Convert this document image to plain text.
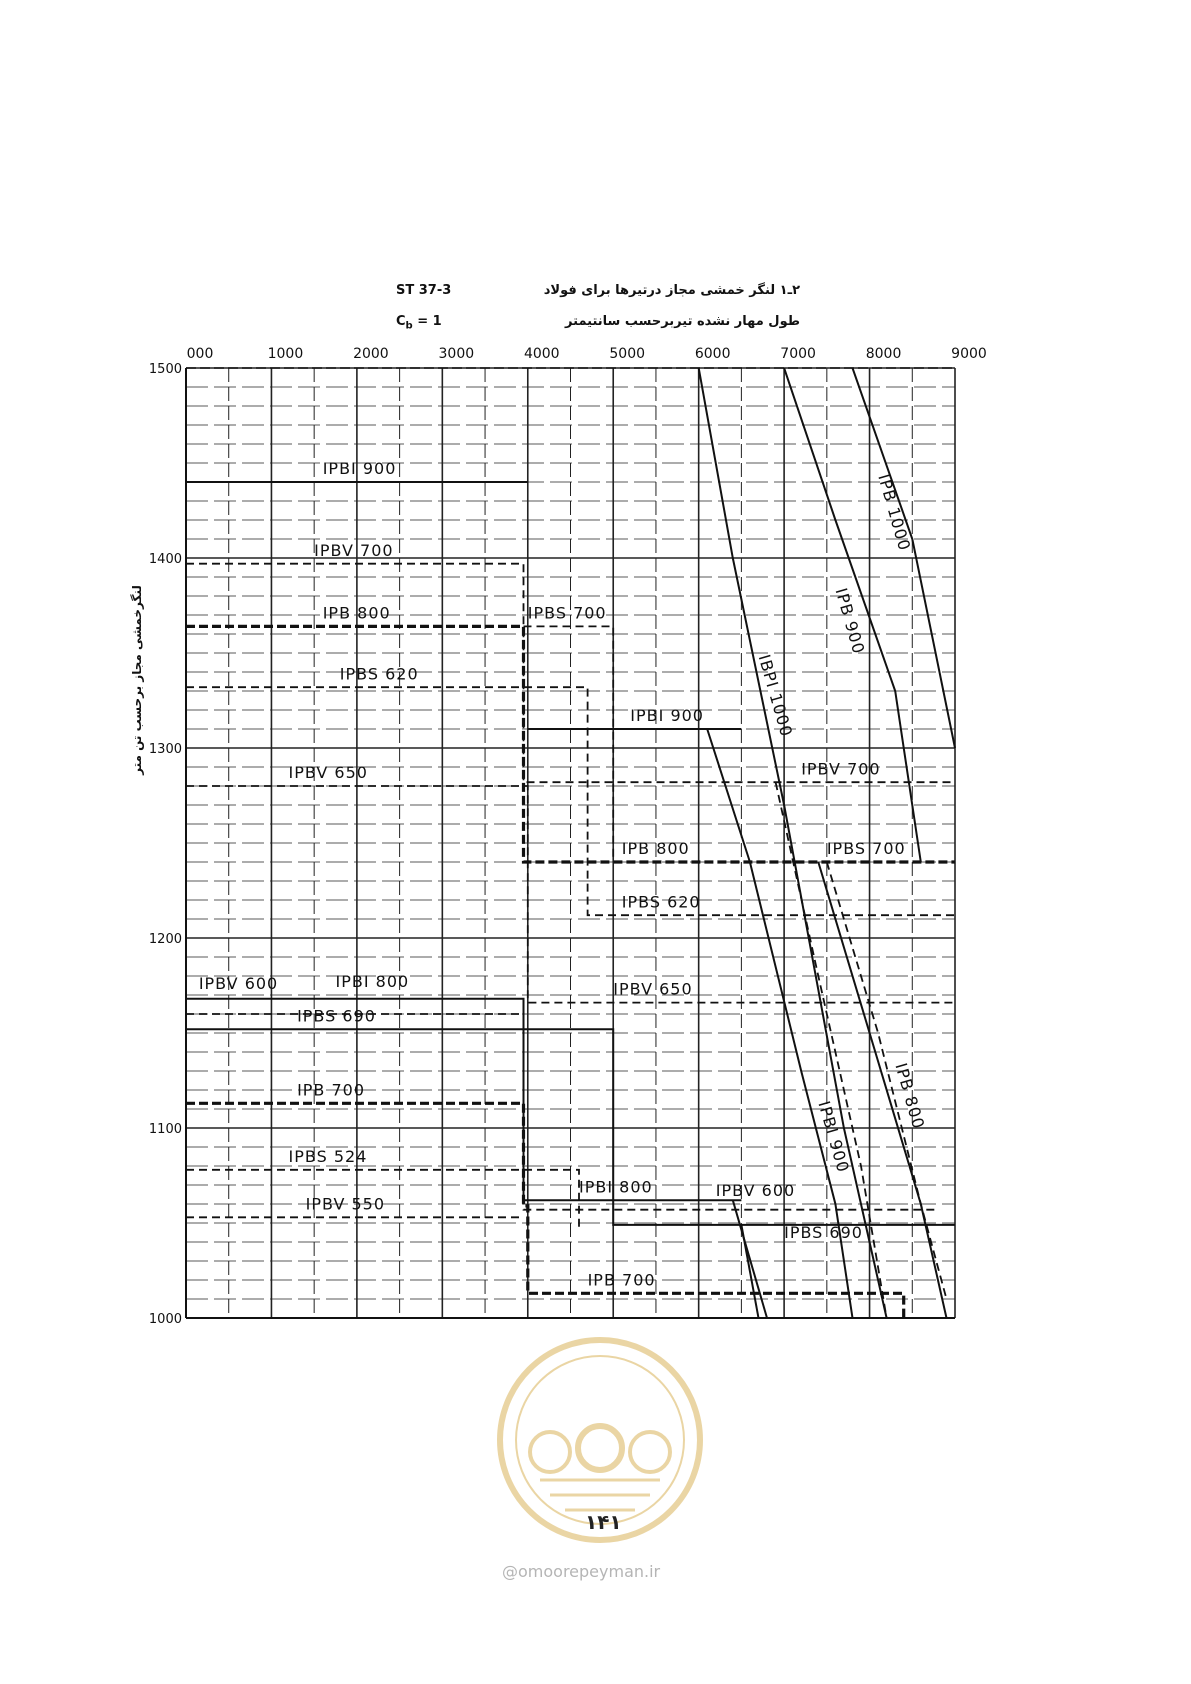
ST 37-3	۲ـ۱ لنگر خمشی مجاز درتیرها برای فولاد
$C_b = 1$	طول مهار نشده تیربرحسب سانتیمتر
000	1000	2000	3000	4000	5000	6000	7000	8000	9000
1000
1100
1200
1300
1400
1500
IPBI 900
IPBV 700
IPB 800	IPBS 700
IPBS 620
IPBI 900
IPBV 650	IPBV 700
IPB 800	IPBS 700
IPBS 620
IPBV 600	IPBI 800	IPBV 650
IPBS 690
IPB 700
IPBS 524
IPBI 800	IPBV 600
IPBV 550
IPBS 690
IPB 700
IPB 1000
IPB 900
IBPI 1000
IPBI 900
IPB 800
لنگرخمشی مجاز برحسب تن متر
۱۴۱
@omoorepeyman.ir
